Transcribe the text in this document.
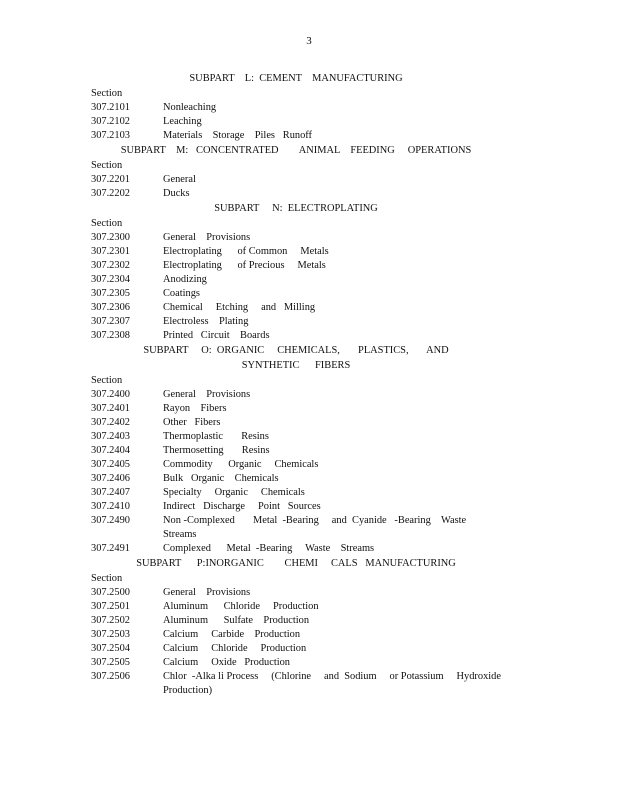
3
SUBPART    L:  CEMENT    MANUFACTURING
Section
307.2101	Nonleaching
307.2102	Leaching
307.2103	Materials    Storage    Piles   Runoff
SUBPART    M:   CONCENTRATED        ANIMAL    FEEDING     OPERATIONS
Section
307.2201	General
307.2202	Ducks
SUBPART     N:  ELECTROPLATING
Section
307.2300	General    Provisions
307.2301	Electroplating      of Common     Metals
307.2302	Electroplating      of Precious     Metals
307.2304	Anodizing
307.2305	Coatings
307.2306	Chemical     Etching     and   Milling
307.2307	Electroless    Plating
307.2308	Printed   Circuit    Boards
SUBPART     O:  ORGANIC     CHEMICALS,       PLASTICS,       AND
SYNTHETIC      FIBERS
Section
307.2400	General    Provisions
307.2401	Rayon    Fibers
307.2402	Other   Fibers
307.2403	Thermoplastic       Resins
307.2404	Thermosetting       Resins
307.2405	Commodity      Organic     Chemicals
307.2406	Bulk   Organic    Chemicals
307.2407	Specialty     Organic     Chemicals
307.2410	Indirect   Discharge     Point   Sources
307.2490	Non -Complexed       Metal  -Bearing     and  Cyanide   -Bearing    Waste    Streams
307.2491	Complexed      Metal  -Bearing     Waste    Streams
SUBPART      P:INORGANIC        CHEMI     CALS   MANUFACTURING
Section
307.2500	General    Provisions
307.2501	Aluminum      Chloride     Production
307.2502	Aluminum      Sulfate    Production
307.2503	Calcium     Carbide    Production
307.2504	Calcium     Chloride     Production
307.2505	Calcium     Oxide   Production
307.2506	Chlor  -Alka li Process     (Chlorine     and  Sodium     or Potassium     Hydroxide
Production)
